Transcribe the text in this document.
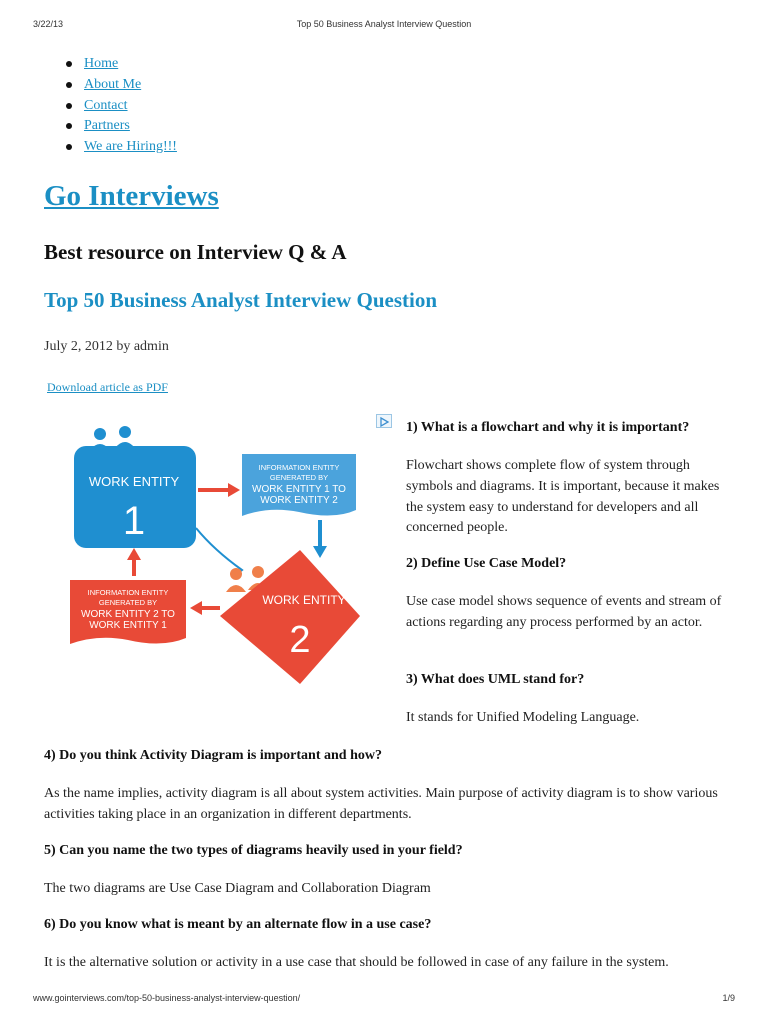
3/22/13	Top 50 Business Analyst Interview Question
Home
About Me
Contact
Partners
We are Hiring!!!
Go Interviews
Best resource on Interview Q & A
Top 50 Business Analyst Interview Question
July 2, 2012 by admin
Download article as PDF
WORK ENTITY
1
INFORMATION ENTITY
GENERATED BY
WORK ENTITY 1 TO
WORK ENTITY 2
WORK ENTITY
2
INFORMATION ENTITY
GENERATED BY
WORK ENTITY 2 TO
WORK ENTITY 1

1) What is a flowchart and why it is important?

Flowchart shows complete flow of system through symbols and diagrams. It is important, because it makes the system easy to understand for developers and all concerned people.

2) Define Use Case Model?

Use case model shows sequence of events and stream of actions regarding any process performed by an actor.

3) What does UML stand for?

It stands for Unified Modeling Language.

4) Do you think Activity Diagram is important and how?

As the name implies, activity diagram is all about system activities. Main purpose of activity diagram is to show various activities taking place in an organization in different departments.

5) Can you name the two types of diagrams heavily used in your field?

The two diagrams are Use Case Diagram and Collaboration Diagram

6) Do you know what is meant by an alternate flow in a use case?

It is the alternative solution or activity in a use case that should be followed in case of any failure in the system.

www.gointerviews.com/top-50-business-analyst-interview-question/	1/9
